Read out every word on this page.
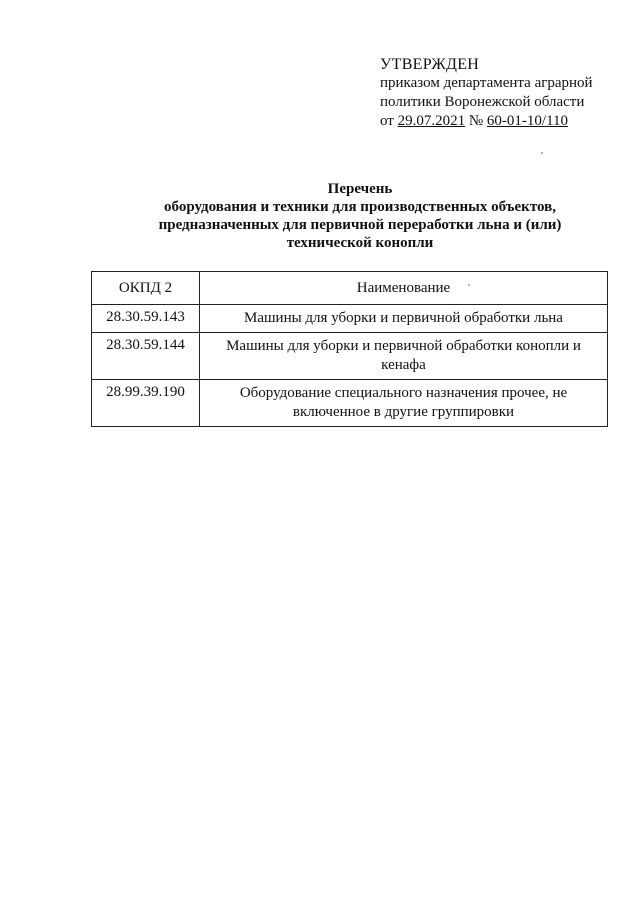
УТВЕРЖДЕН
приказом департамента аграрной
политики Воронежской области
от 29.07.2021 № 60-01-10/110
Перечень
оборудования и техники для производственных объектов,
предназначенных для первичной переработки льна и (или)
технической конопли
ОКПД 2	Наименование
28.30.59.143	Машины для уборки и первичной обработки льна
28.30.59.144	Машины для уборки и первичной обработки конопли и кенафа
28.99.39.190	Оборудование специального назначения прочее, не включенное в другие группировки
